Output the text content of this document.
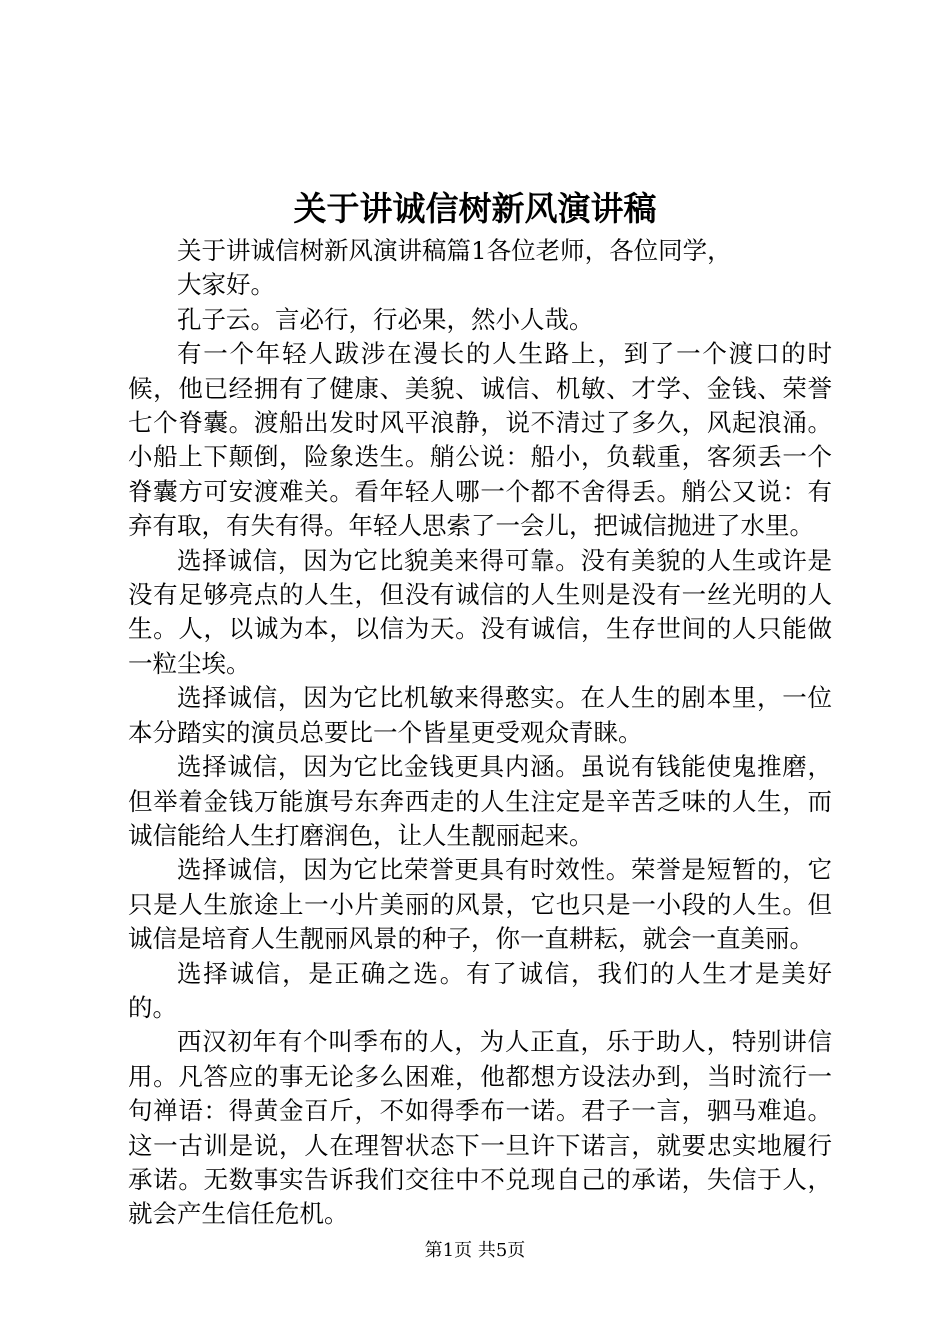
关于讲诚信树新风演讲稿

关于讲诚信树新风演讲稿篇1各位老师，各位同学，

大家好。

孔子云。言必行，行必果，然小人哉。

有一个年轻人跋涉在漫长的人生路上，到了一个渡口的时候，他已经拥有了健康、美貌、诚信、机敏、才学、金钱、荣誉七个脊囊。渡船出发时风平浪静，说不清过了多久，风起浪涌。小船上下颠倒，险象迭生。艄公说：船小，负载重，客须丢一个脊囊方可安渡难关。看年轻人哪一个都不舍得丢。艄公又说：有弃有取，有失有得。年轻人思索了一会儿，把诚信抛进了水里。

选择诚信，因为它比貌美来得可靠。没有美貌的人生或许是没有足够亮点的人生，但没有诚信的人生则是没有一丝光明的人生。人，以诚为本，以信为天。没有诚信，生存世间的人只能做一粒尘埃。

选择诚信，因为它比机敏来得憨实。在人生的剧本里，一位本分踏实的演员总要比一个皆星更受观众青睐。

选择诚信，因为它比金钱更具内涵。虽说有钱能使鬼推磨，但举着金钱万能旗号东奔西走的人生注定是辛苦乏味的人生，而诚信能给人生打磨润色，让人生靓丽起来。

选择诚信，因为它比荣誉更具有时效性。荣誉是短暂的，它只是人生旅途上一小片美丽的风景，它也只是一小段的人生。但诚信是培育人生靓丽风景的种子，你一直耕耘，就会一直美丽。

选择诚信，是正确之选。有了诚信，我们的人生才是美好的。

西汉初年有个叫季布的人，为人正直，乐于助人，特别讲信用。凡答应的事无论多么困难，他都想方设法办到，当时流行一句禅语：得黄金百斤，不如得季布一诺。君子一言，驷马难追。这一古训是说，人在理智状态下一旦许下诺言，就要忠实地履行承诺。无数事实告诉我们交往中不兑现自己的承诺，失信于人，就会产生信任危机。

第1页 共5页
